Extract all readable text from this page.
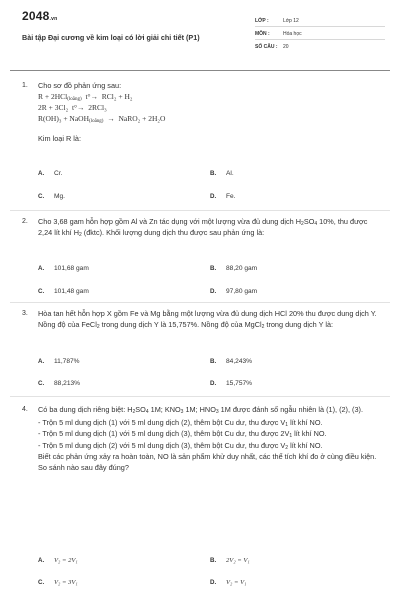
2048.vn
Bài tập Đại cương về kim loại có lời giải chi tiết (P1)
LỚP :	Lớp 12
MÔN :	Hóa học
SỐ CÂU : 20
1. Cho sơ đồ phản ứng sau:
R + 2HCl$_{(loãng)}$ t°→ RCl₂ + H₂
2R + 3Cl₂ t°→ 2RCl₃
R(OH)₃ + NaOH$_{(loãng)}$ → NaRO₂ + 2H₂O
Kim loại R là:
A. Cr.	B. Al.
C. Mg.	D. Fe.
2. Cho 3,68 gam hỗn hợp gồm Al và Zn tác dụng với một lượng vừa đủ dung dịch $H_2SO_4$ 10%, thu được 2,24 lít khí $H_2$ (đktc). Khối lượng dung dịch thu được sau phản ứng là:
A. 101,68 gam	B. 88,20 gam
C. 101,48 gam	D. 97,80 gam
3. Hòa tan hết hỗn hợp X gồm Fe và Mg bằng một lượng vừa đủ dung dịch HCl 20% thu được dung dịch Y. Nồng độ của FeCl$_2$ trong dung dịch Y là 15,757%. Nồng độ của MgCl$_2$ trong dung dịch Y là:
A. 11,787%	B. 84,243%
C. 88,213%	D. 15,757%
4. Có ba dung dịch riêng biệt: $H_2SO_4$ 1M; $KNO_3$ 1M; $HNO_3$ 1M được đánh số ngẫu nhiên là (1), (2), (3).
- Trộn 5 ml dung dịch (1) với 5 ml dung dịch (2), thêm bột Cu dư, thu được $V_1$ lít khí NO.
- Trộn 5 ml dung dịch (1) với 5 ml dung dịch (3), thêm bột Cu dư, thu được $2V_1$ lít khí NO.
- Trộn 5 ml dung dịch (2) với 5 ml dung dịch (3), thêm bột Cu dư, thu được $V_2$ lít khí NO.
Biết các phản ứng xảy ra hoàn toàn, NO là sản phẩm khử duy nhất, các thể tích khí đo ở cùng điều kiện. So sánh nào sau đây đúng?
A. V₂ = 2V₁	B. 2V₂ = V₁
C. V₂ = 3V₁	D. V₂ = V₁
